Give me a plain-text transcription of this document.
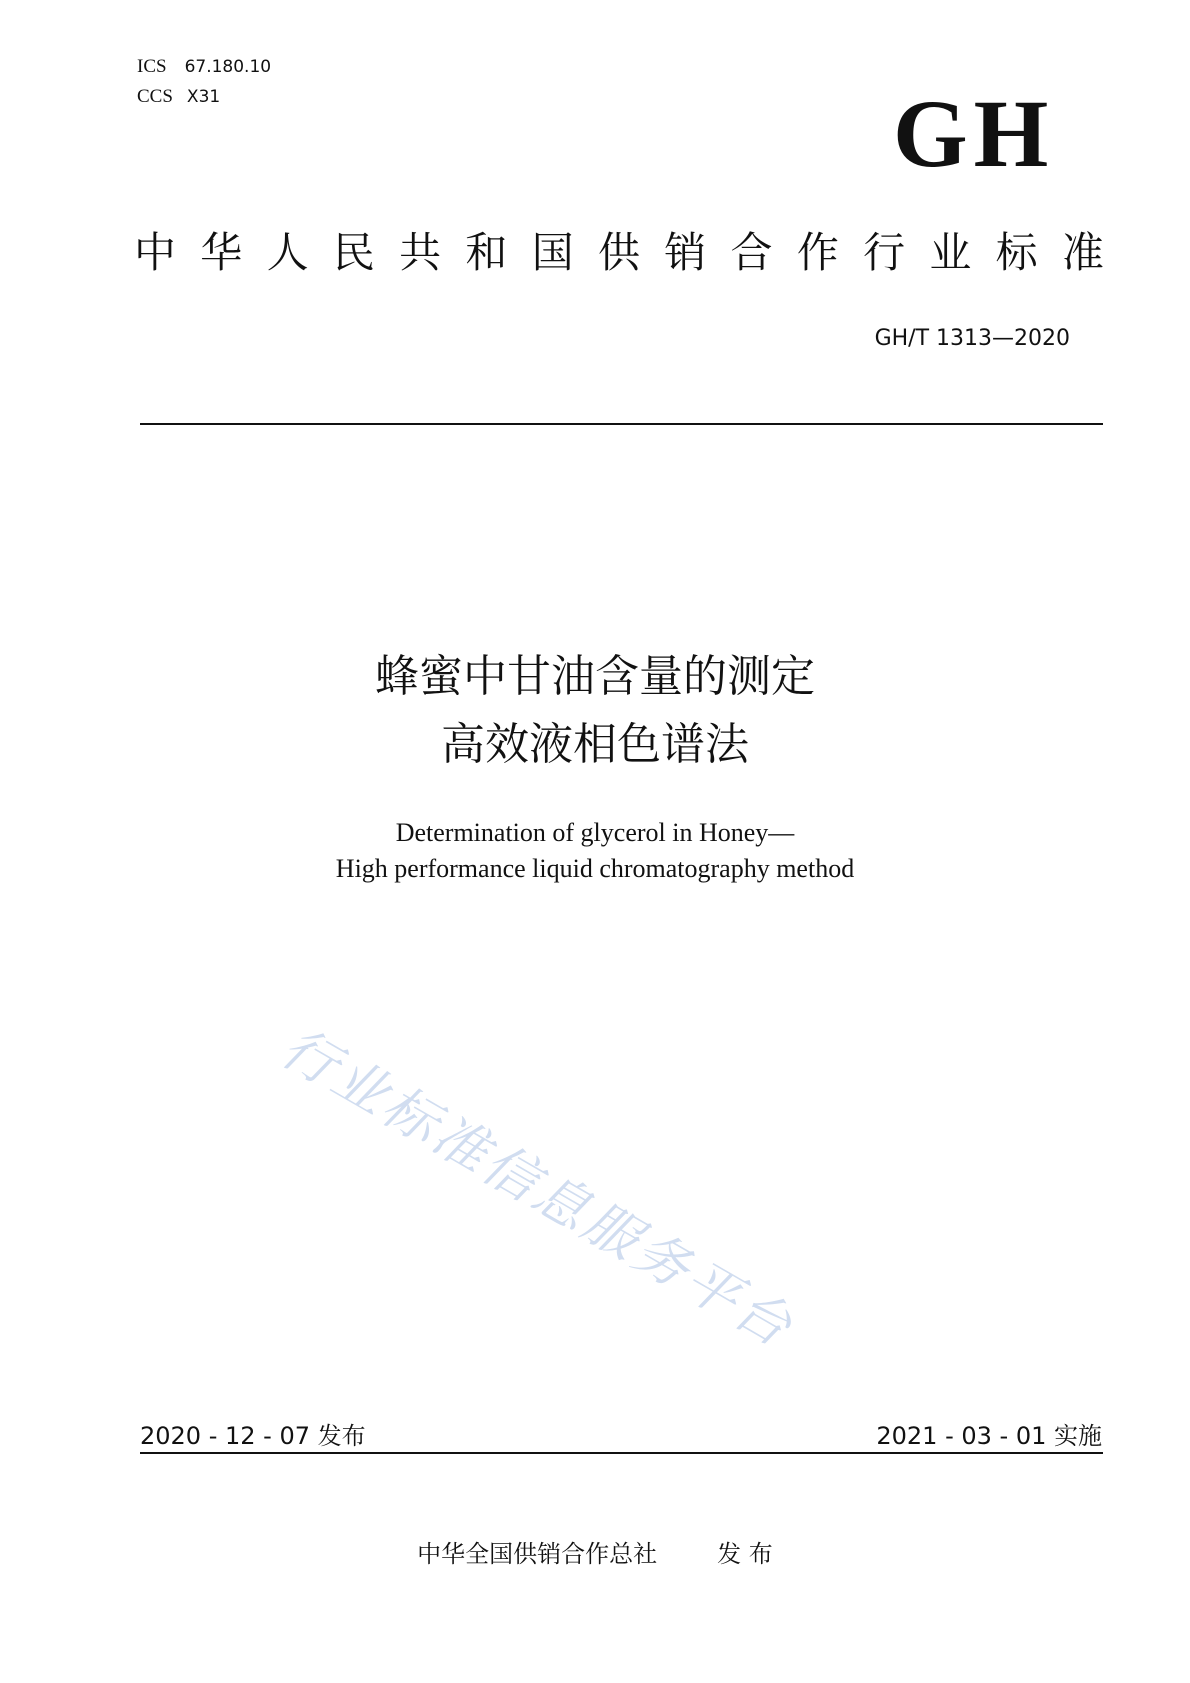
ICS 67.180.10
CCS X31	GH
中 华 人 民 共 和 国 供 销 合 作 行 业 标 准
GH/T 1313—2020
蜂蜜中甘油含量的测定
高效液相色谱法
Determination of glycerol in Honey—
High performance liquid chromatography method
行业标准信息服务平台
2020 - 12 - 07 发布	2021 - 03 - 01 实施
中华全国供销合作总社	发 布
